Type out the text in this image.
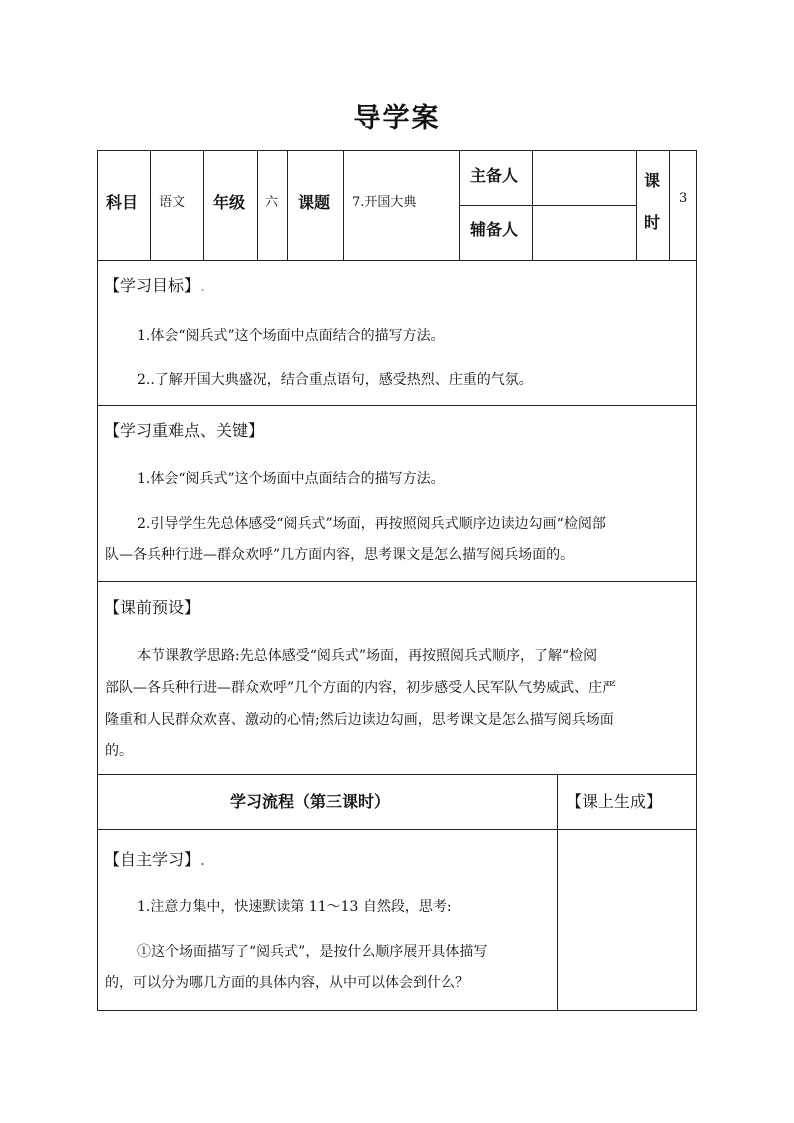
导学案
科目 语文 年级 六 课题 7.开国大典
主备人
辅备人
课
时
3
【学习目标】.
1.体会“阅兵式”这个场面中点面结合的描写方法。
2..了解开国大典盛况，结合重点语句，感受热烈、庄重的气氛。
【学习重难点、关键】
1.体会“阅兵式”这个场面中点面结合的描写方法。
2.引导学生先总体感受“阅兵式”场面，再按照阅兵式顺序边读边勾画“检阅部
队—各兵种行进—群众欢呼”几方面内容，思考课文是怎么描写阅兵场面的。
【课前预设】
本节课教学思路:先总体感受“阅兵式”场面，再按照阅兵式顺序，了解“检阅
部队—各兵种行进—群众欢呼”几个方面的内容，初步感受人民军队气势威武、庄严
隆重和人民群众欢喜、激动的心情;然后边读边勾画，思考课文是怎么描写阅兵场面
的。
学习流程（第三课时）	【课上生成】
【自主学习】.
1.注意力集中，快速默读第 11～13 自然段，思考:
①这个场面描写了“阅兵式”，是按什么顺序展开具体描写
的，可以分为哪几方面的具体内容，从中可以体会到什么？
